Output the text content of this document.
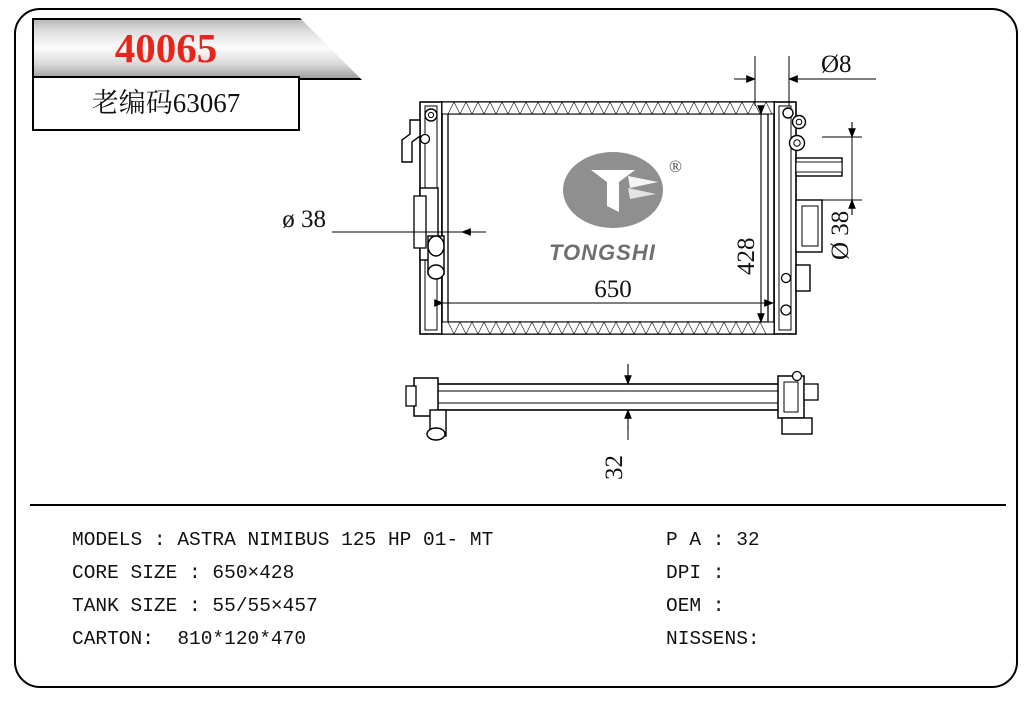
40065
老编码63067
®
TONGSHI
Ø8
Ø 38
ø 38
428
650
32
MODELS : ASTRA NIMIBUS 125 HP 01- MT
CORE SIZE : 650×428
TANK SIZE : 55/55×457
CARTON:  810*120*470
P A : 32
DPI :
OEM :
NISSENS:
